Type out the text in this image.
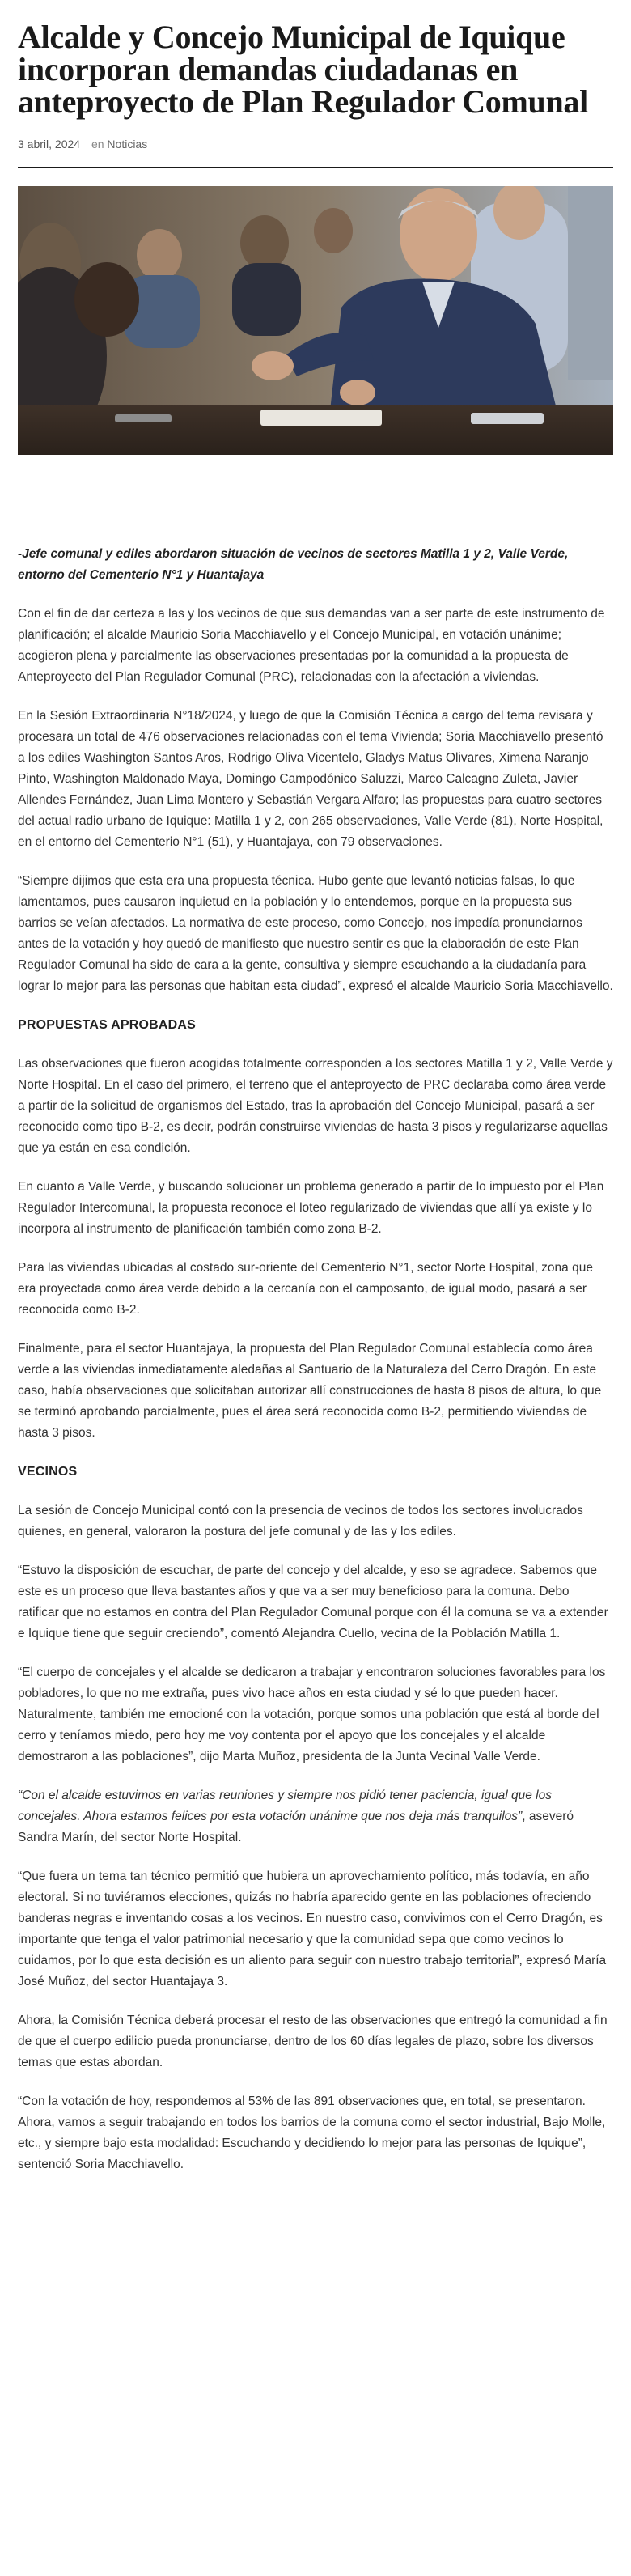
Alcalde y Concejo Municipal de Iquique incorporan demandas ciudadanas en anteproyecto de Plan Regulador Comunal
3 abril, 2024 en Noticias

-Jefe comunal y ediles abordaron situación de vecinos de sectores Matilla 1 y 2, Valle Verde, entorno del Cementerio N°1 y Huantajaya

Con el fin de dar certeza a las y los vecinos de que sus demandas van a ser parte de este instrumento de planificación; el alcalde Mauricio Soria Macchiavello y el Concejo Municipal, en votación unánime; acogieron plena y parcialmente las observaciones presentadas por la comunidad a la propuesta de Anteproyecto del Plan Regulador Comunal (PRC), relacionadas con la afectación a viviendas.

En la Sesión Extraordinaria N°18/2024, y luego de que la Comisión Técnica a cargo del tema revisara y procesara un total de 476 observaciones relacionadas con el tema Vivienda; Soria Macchiavello presentó a los ediles Washington Santos Aros, Rodrigo Oliva Vicentelo, Gladys Matus Olivares, Ximena Naranjo Pinto, Washington Maldonado Maya, Domingo Campodónico Saluzzi, Marco Calcagno Zuleta, Javier Allendes Fernández, Juan Lima Montero y Sebastián Vergara Alfaro; las propuestas para cuatro sectores del actual radio urbano de Iquique: Matilla 1 y 2, con 265 observaciones, Valle Verde (81), Norte Hospital, en el entorno del Cementerio N°1 (51), y Huantajaya, con 79 observaciones.

“Siempre dijimos que esta era una propuesta técnica. Hubo gente que levantó noticias falsas, lo que lamentamos, pues causaron inquietud en la población y lo entendemos, porque en la propuesta sus barrios se veían afectados. La normativa de este proceso, como Concejo, nos impedía pronunciarnos antes de la votación y hoy quedó de manifiesto que nuestro sentir es que la elaboración de este Plan Regulador Comunal ha sido de cara a la gente, consultiva y siempre escuchando a la ciudadanía para lograr lo mejor para las personas que habitan esta ciudad”, expresó el alcalde Mauricio Soria Macchiavello.

PROPUESTAS APROBADAS

Las observaciones que fueron acogidas totalmente corresponden a los sectores Matilla 1 y 2, Valle Verde y Norte Hospital. En el caso del primero, el terreno que el anteproyecto de PRC declaraba como área verde a partir de la solicitud de organismos del Estado, tras la aprobación del Concejo Municipal, pasará a ser reconocido como tipo B-2, es decir, podrán construirse viviendas de hasta 3 pisos y regularizarse aquellas que ya están en esa condición.

En cuanto a Valle Verde, y buscando solucionar un problema generado a partir de lo impuesto por el Plan Regulador Intercomunal, la propuesta reconoce el loteo regularizado de viviendas que allí ya existe y lo incorpora al instrumento de planificación también como zona B-2.

Para las viviendas ubicadas al costado sur-oriente del Cementerio N°1, sector Norte Hospital, zona que era proyectada como área verde debido a la cercanía con el camposanto, de igual modo, pasará a ser reconocida como B-2.

Finalmente, para el sector Huantajaya, la propuesta del Plan Regulador Comunal establecía como área verde a las viviendas inmediatamente aledañas al Santuario de la Naturaleza del Cerro Dragón. En este caso, había observaciones que solicitaban autorizar allí construcciones de hasta 8 pisos de altura, lo que se terminó aprobando parcialmente, pues el área será reconocida como B-2, permitiendo viviendas de hasta 3 pisos.

VECINOS

La sesión de Concejo Municipal contó con la presencia de vecinos de todos los sectores involucrados quienes, en general, valoraron la postura del jefe comunal y de las y los ediles.

“Estuvo la disposición de escuchar, de parte del concejo y del alcalde, y eso se agradece. Sabemos que este es un proceso que lleva bastantes años y que va a ser muy beneficioso para la comuna. Debo ratificar que no estamos en contra del Plan Regulador Comunal porque con él la comuna se va a extender e Iquique tiene que seguir creciendo”, comentó Alejandra Cuello, vecina de la Población Matilla 1.

“El cuerpo de concejales y el alcalde se dedicaron a trabajar y encontraron soluciones favorables para los pobladores, lo que no me extraña, pues vivo hace años en esta ciudad y sé lo que pueden hacer. Naturalmente, también me emocioné con la votación, porque somos una población que está al borde del cerro y teníamos miedo, pero hoy me voy contenta por el apoyo que los concejales y el alcalde demostraron a las poblaciones”, dijo Marta Muñoz, presidenta de la Junta Vecinal Valle Verde.

“Con el alcalde estuvimos en varias reuniones y siempre nos pidió tener paciencia, igual que los concejales. Ahora estamos felices por esta votación unánime que nos deja más tranquilos”, aseveró Sandra Marín, del sector Norte Hospital.

“Que fuera un tema tan técnico permitió que hubiera un aprovechamiento político, más todavía, en año electoral. Si no tuviéramos elecciones, quizás no habría aparecido gente en las poblaciones ofreciendo banderas negras e inventando cosas a los vecinos. En nuestro caso, convivimos con el Cerro Dragón, es importante que tenga el valor patrimonial necesario y que la comunidad sepa que como vecinos lo cuidamos, por lo que esta decisión es un aliento para seguir con nuestro trabajo territorial”, expresó María José Muñoz, del sector Huantajaya 3.

Ahora, la Comisión Técnica deberá procesar el resto de las observaciones que entregó la comunidad a fin de que el cuerpo edilicio pueda pronunciarse, dentro de los 60 días legales de plazo, sobre los diversos temas que estas abordan.

“Con la votación de hoy, respondemos al 53% de las 891 observaciones que, en total, se presentaron. Ahora, vamos a seguir trabajando en todos los barrios de la comuna como el sector industrial, Bajo Molle, etc., y siempre bajo esta modalidad: Escuchando y decidiendo lo mejor para las personas de Iquique”, sentenció Soria Macchiavello.
